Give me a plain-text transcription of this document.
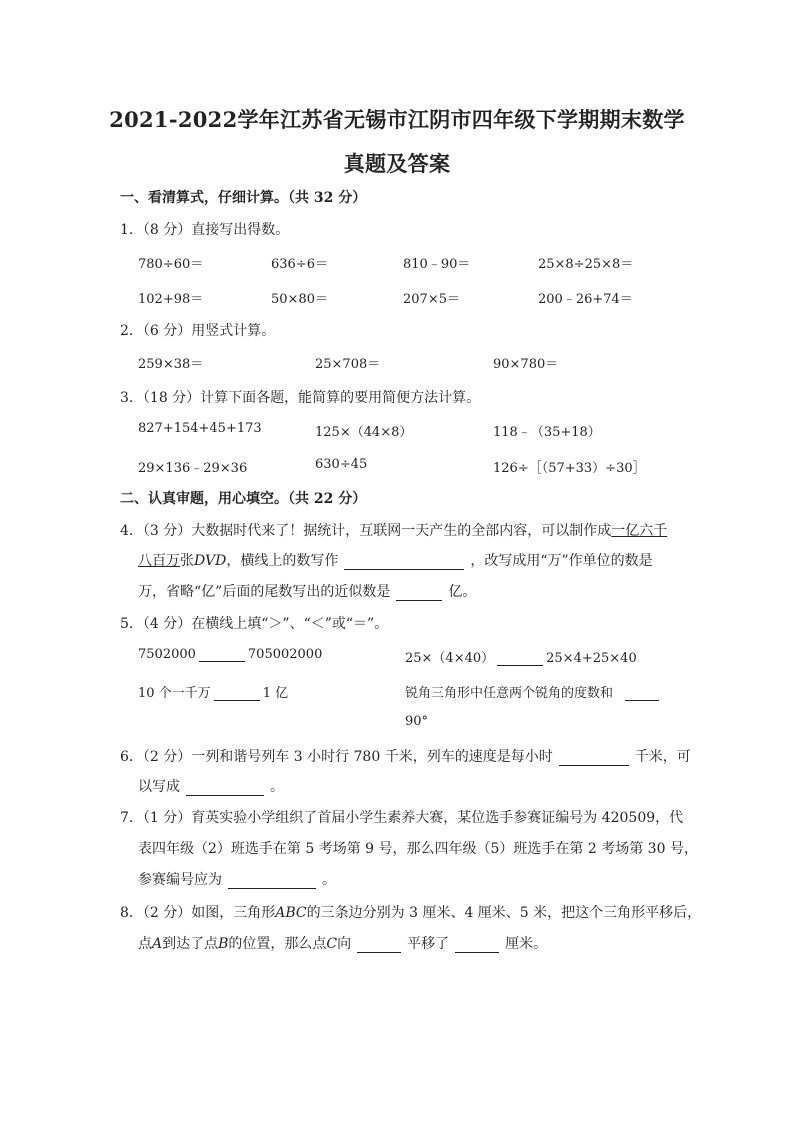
2021-2022学年江苏省无锡市江阴市四年级下学期期末数学
真题及答案
一、看清算式，仔细计算。（共 32 分）
1．（8 分）直接写出得数。
780÷60＝	636÷6＝	810﹣90＝	25×8÷25×8＝
102+98＝	50×80＝	207×5＝	200﹣26+74＝
2．（6 分）用竖式计算。
259×38＝	25×708＝	90×780＝
3．（18 分）计算下面各题，能简算的要用简便方法计算。
827+154+45+173	125×（44×8）	118﹣（35+18）
29×136﹣29×36	630÷45	126÷［（57+33）÷30］
二、认真审题，用心填空。（共 22 分）
4．（3 分）大数据时代来了！据统计，互联网一天产生的全部内容，可以制作成一亿六千
八百万张DVD，横线上的数写作	，改写成用“万”作单位的数是
万，省略“亿”后面的尾数写出的近似数是	亿。
5．（4 分）在横线上填“＞”、“＜”或“＝”。
7502000	705002000	25×（4×40）	25×4+25×40
10 个一千万	1 亿	锐角三角形中任意两个锐角的度数和
90°
6．（2 分）一列和谐号列车 3 小时行 780 千米，列车的速度是每小时	千米，可
以写成	。
7．（1 分）育英实验小学组织了首届小学生素养大赛，某位选手参赛证编号为 420509，代
表四年级（2）班选手在第 5 考场第 9 号，那么四年级（5）班选手在第 2 考场第 30 号，
参赛编号应为	。
8．（2 分）如图，三角形ABC的三条边分别为 3 厘米、4 厘米、5 米，把这个三角形平移后，
点A到达了点B的位置，那么点C向	平移了	厘米。
